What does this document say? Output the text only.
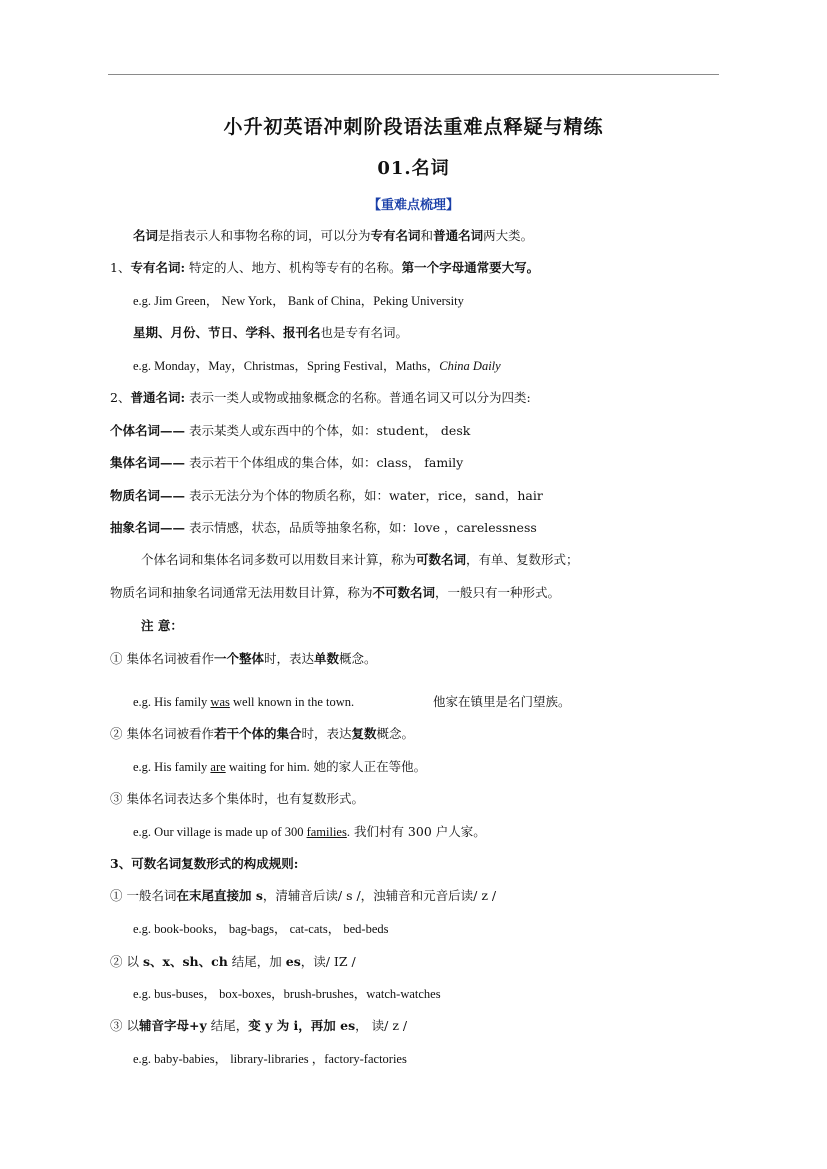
小升初英语冲刺阶段语法重难点释疑与精练
01.名词
【重难点梳理】
名词是指表示人和事物名称的词，可以分为专有名词和普通名词两大类。
1、专有名词: 特定的人、地方、机构等专有的名称。第一个字母通常要大写。
e.g. Jim Green， New York， Bank of China，Peking University
星期、月份、节日、学科、报刊名也是专有名词。
e.g. Monday，May，Christmas，Spring Festival，Maths，China Daily
2、普通名词: 表示一类人或物或抽象概念的名称。普通名词又可以分为四类:
个体名词—— 表示某类人或东西中的个体，如：student， desk
集体名词—— 表示若干个体组成的集合体，如：class， family
物质名词—— 表示无法分为个体的物质名称，如：water，rice，sand，hair
抽象名词—— 表示情感，状态，品质等抽象名称，如：love ，carelessness
个体名词和集体名词多数可以用数目来计算，称为可数名词，有单、复数形式；
物质名词和抽象名词通常无法用数目计算，称为不可数名词，一般只有一种形式。
注 意：
① 集体名词被看作一个整体时，表达单数概念。
e.g. His family was well known in the town.	他家在镇里是名门望族。
② 集体名词被看作若干个体的集合时，表达复数概念。
e.g. His family are waiting for him. 她的家人正在等他。
③ 集体名词表达多个集体时，也有复数形式。
e.g. Our village is made up of 300 families. 我们村有 300 户人家。
3、可数名词复数形式的构成规则:
① 一般名词在末尾直接加 s，清辅音后读/ s /，浊辅音和元音后读/ z /
e.g. book-books， bag-bags， cat-cats， bed-beds
② 以 s、x、sh、ch 结尾，加 es，读/ IZ /
e.g. bus-buses， box-boxes，brush-brushes，watch-watches
③ 以辅音字母+y 结尾，变 y 为 i，再加 es， 读/ z /
e.g. baby-babies， library-libraries ，factory-factories
